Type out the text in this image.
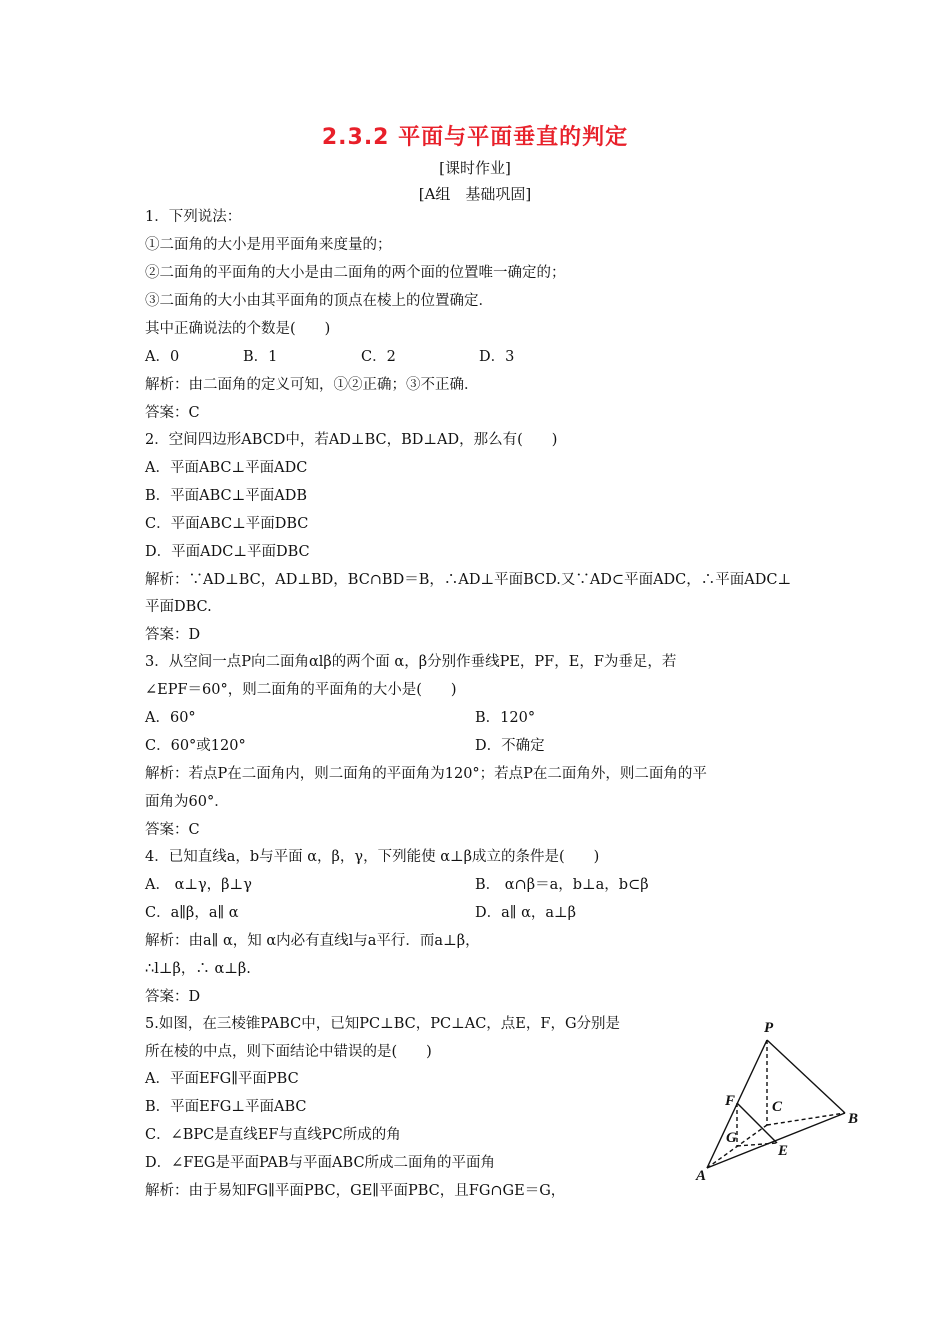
2.3.2 平面与平面垂直的判定
[课时作业]
[A组　基础巩固]
1．下列说法：
①二面角的大小是用平面角来度量的；
②二面角的平面角的大小是由二面角的两个面的位置唯一确定的；
③二面角的大小由其平面角的顶点在棱上的位置确定．
其中正确说法的个数是(　　)
A．0	B．1	C．2	D．3
解析：由二面角的定义可知，①②正确；③不正确．
答案：C
2．空间四边形ABCD中，若AD⊥BC，BD⊥AD，那么有(　　)
A．平面ABC⊥平面ADC
B．平面ABC⊥平面ADB
C．平面ABC⊥平面DBC
D．平面ADC⊥平面DBC
解析：∵AD⊥BC，AD⊥BD，BC∩BD＝B，∴AD⊥平面BCD.又∵AD⊂平面ADC，∴平面ADC⊥
平面DBC.
答案：D
3．从空间一点P向二面角αlβ的两个面 α，β分别作垂线PE，PF，E，F为垂足，若
∠EPF＝60°，则二面角的平面角的大小是(　　)
A．60°	B．120°
C．60°或120°	D．不确定
解析：若点P在二面角内，则二面角的平面角为120°；若点P在二面角外，则二面角的平
面角为60°．
答案：C
4．已知直线a，b与平面 α，β，γ，下列能使 α⊥β成立的条件是(　　)
A． α⊥γ，β⊥γ	B． α∩β＝a，b⊥a，b⊂β
C．a∥β，a∥ α	D．a∥ α，a⊥β
解析：由a∥ α，知 α内必有直线l与a平行．而a⊥β，
∴l⊥β，∴ α⊥β.
答案：D
5.如图，在三棱锥PABC中，已知PC⊥BC，PC⊥AC，点E，F，G分别是
所在棱的中点，则下面结论中错误的是(　　)
A．平面EFG∥平面PBC
B．平面EFG⊥平面ABC
C．∠BPC是直线EF与直线PC所成的角
D．∠FEG是平面PAB与平面ABC所成二面角的平面角
解析：由于易知FG∥平面PBC，GE∥平面PBC，且FG∩GE＝G，
P
F C
B
G
E
A
